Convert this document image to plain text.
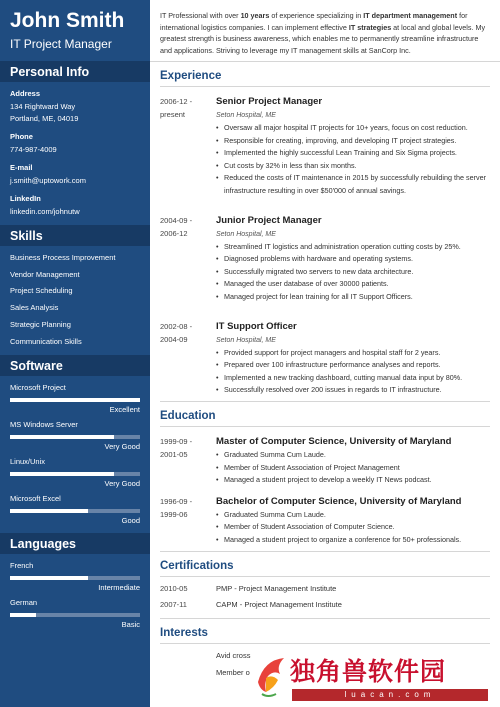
John Smith
IT Project Manager
Personal Info
Address
134 Rightward Way
Portland, ME, 04019
Phone
774-987-4009
E-mail
j.smith@uptowork.com
LinkedIn
linkedin.com/johnutw
Skills
Business Process Improvement
Vendor Management
Project Scheduling
Sales Analysis
Strategic Planning
Communication Skills
Software
Microsoft Project
Excellent
MS Windows Server
Very Good
Linux/Unix
Very Good
Microsoft Excel
Good
Languages
French
Intermediate
German
Basic
IT Professional with over 10 years of experience specializing in IT department management for international logistics companies. I can implement effective IT strategies at local and global levels. My greatest strength is business awareness, which enables me to permanently streamline infrastructure and applications. Striving to leverage my IT management skills at SanCorp Inc.
Experience
2006-12 -
present
Senior Project Manager
Seton Hospital, ME
• Oversaw all major hospital IT projects for 10+ years, focus on cost reduction.
• Responsible for creating, improving, and developing IT project strategies.
• Implemented the highly successful Lean Training and Six Sigma projects.
• Cut costs by 32% in less than six months.
• Reduced the costs of IT maintenance in 2015 by successfully rebuilding the server infrastructure resulting in over $50'000 of annual savings.
2004-09 -
2006-12
Junior Project Manager
Seton Hospital, ME
• Streamlined IT logistics and administration operation cutting costs by 25%.
• Diagnosed problems with hardware and operating systems.
• Successfully migrated two servers to new data architecture.
• Managed the user database of over 30000 patients.
• Managed project for lean training for all IT Support Officers.
2002-08 -
2004-09
IT Support Officer
Seton Hospital, ME
• Provided support for project managers and hospital staff for 2 years.
• Prepared over 100 infrastructure performance analyses and reports.
• Implemented a new tracking dashboard, cutting manual data input by 80%.
• Successfully resolved over 200 issues in regards to IT infrastructure.
Education
1999-09 -
2001-05
Master of Computer Science, University of Maryland
• Graduated Summa Cum Laude.
• Member of Student Association of Project Management
• Managed a student project to develop a weekly IT News podcast.
1996-09 -
1999-06
Bachelor of Computer Science, University of Maryland
• Graduated Summa Cum Laude.
• Member of Student Association of Computer Science.
• Managed a student project to organize a conference for 50+ professionals.
Certifications
2010-05	PMP - Project Management Institute
2007-11	CAPM - Project Management Institute
Interests
Avid cross
Member o	独角兽软件园
luacan.com
